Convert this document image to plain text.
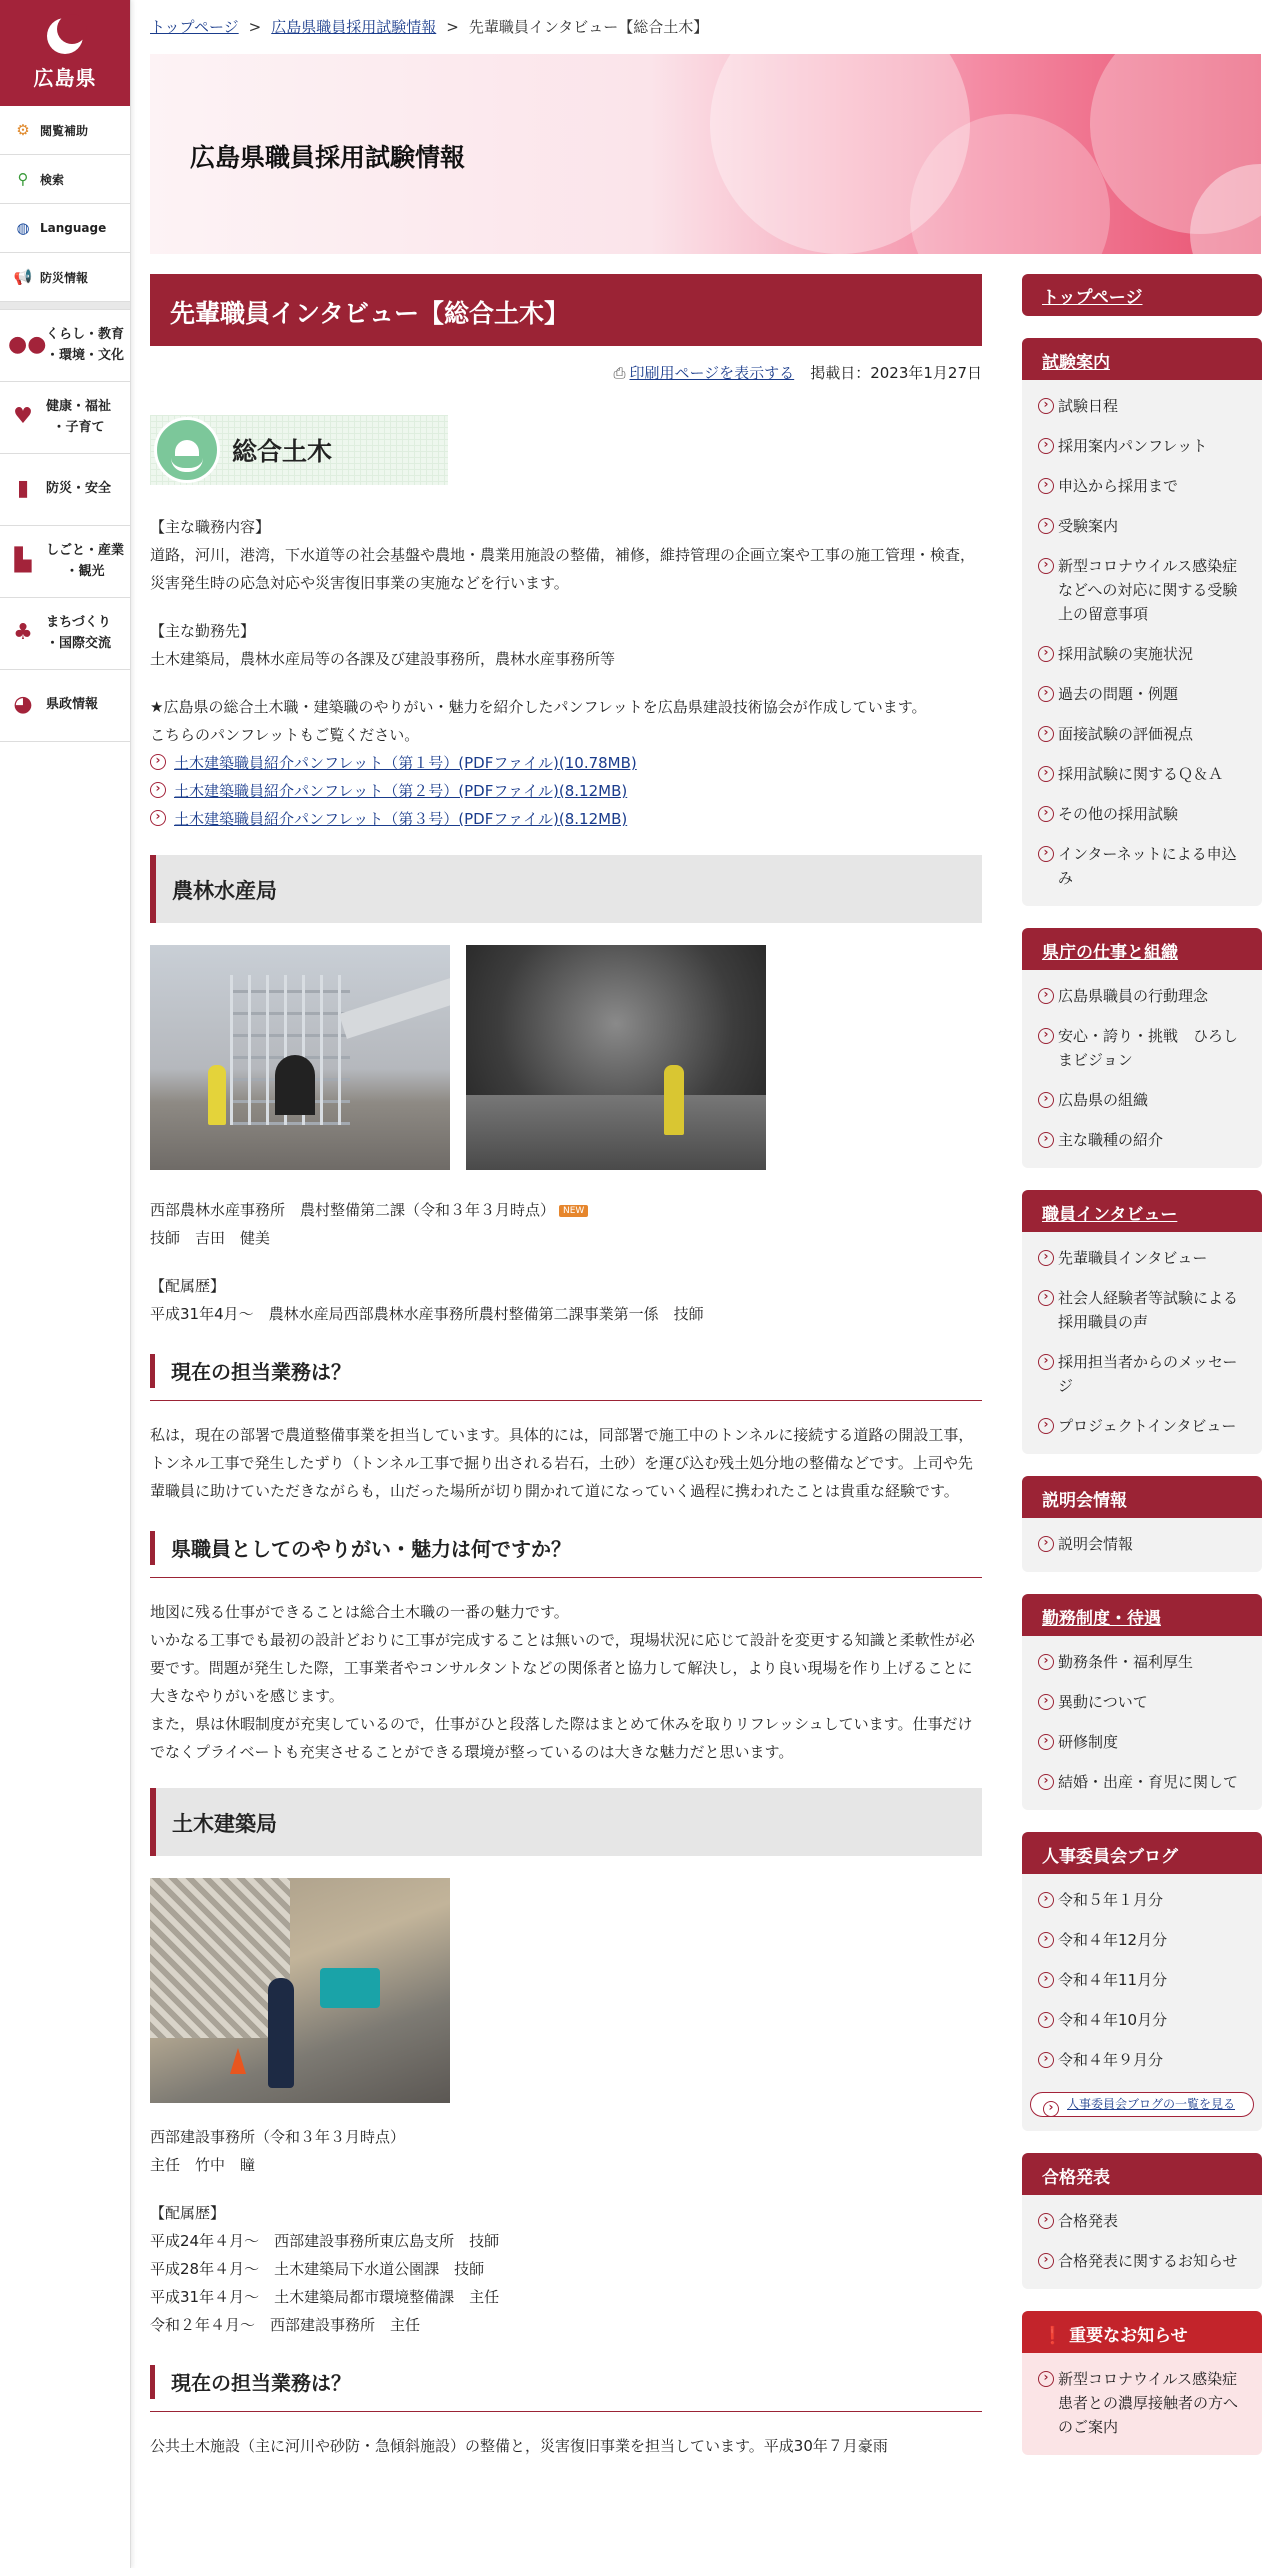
広島県
⚙ 閲覧補助
⚲ 検索
◍ Language
📢 防災情報
●● くらし・教育
・環境・文化
♥	健康・福祉
・子育て
▮	防災・安全
▙	しごと・産業
・観光
♣	まちづくり
・国際交流
◕	県政情報
トップページ > 広島県職員採用試験情報 > 先輩職員インタビュー【総合土木】
広島県職員採用試験情報
先輩職員インタビュー【総合土木】
⎙ 印刷用ページを表示する 掲載日：2023年1月27日
総合土木
【主な職務内容】
道路，河川，港湾，下水道等の社会基盤や農地・農業用施設の整備，補修，維持管理の企画立案や工事の施工管理・検査，災害発生時の応急対応や災害復旧事業の実施などを行います。
【主な勤務先】
土木建築局，農林水産局等の各課及び建設事務所，農林水産事務所等
★広島県の総合土木職・建築職のやりがい・魅力を紹介したパンフレットを広島県建設技術協会が作成しています。
こちらのパンフレットもご覧ください。
› 土木建築職員紹介パンフレット（第１号）(PDFファイル)(10.78MB)
› 土木建築職員紹介パンフレット（第２号）(PDFファイル)(8.12MB)
› 土木建築職員紹介パンフレット（第３号）(PDFファイル)(8.12MB)
農林水産局
西部農林水産事務所　農村整備第二課（令和３年３月時点） NEW
技師　吉田　健美
【配属歴】
平成31年4月～　農林水産局西部農林水産事務所農村整備第二課事業第一係　技師
現在の担当業務は？
私は，現在の部署で農道整備事業を担当しています。具体的には，同部署で施工中のトンネルに接続する道路の開設工事，トンネル工事で発生したずり（トンネル工事で掘り出される岩石，土砂）を運び込む残土処分地の整備などです。上司や先輩職員に助けていただきながらも，山だった場所が切り開かれて道になっていく過程に携われたことは貴重な経験です。
県職員としてのやりがい・魅力は何ですか？
地図に残る仕事ができることは総合土木職の一番の魅力です。
いかなる工事でも最初の設計どおりに工事が完成することは無いので，現場状況に応じて設計を変更する知識と柔軟性が必要です。問題が発生した際，工事業者やコンサルタントなどの関係者と協力して解決し，より良い現場を作り上げることに大きなやりがいを感じます。
また，県は休暇制度が充実しているので，仕事がひと段落した際はまとめて休みを取りリフレッシュしています。仕事だけでなくプライベートも充実させることができる環境が整っているのは大きな魅力だと思います。
土木建築局
西部建設事務所（令和３年３月時点）
主任　竹中　瞳
【配属歴】
平成24年４月～　西部建設事務所東広島支所　技師
平成28年４月～　土木建築局下水道公園課　技師
平成31年４月～　土木建築局都市環境整備課　主任
令和２年４月～　西部建設事務所　主任
現在の担当業務は？
公共土木施設（主に河川や砂防・急傾斜施設）の整備と，災害復旧事業を担当しています。平成30年７月豪雨
トップページ
試験案内
› 試験日程
› 採用案内パンフレット
› 申込から採用まで
› 受験案内
› 新型コロナウイルス感染症などへの対応に関する受験上の留意事項
› 採用試験の実施状況
› 過去の問題・例題
› 面接試験の評価視点
› 採用試験に関するＱ＆Ａ
› その他の採用試験
› インターネットによる申込み
県庁の仕事と組織
› 広島県職員の行動理念
› 安心・誇り・挑戦　ひろしまビジョン
› 広島県の組織
› 主な職種の紹介
職員インタビュー
› 先輩職員インタビュー
› 社会人経験者等試験による採用職員の声
› 採用担当者からのメッセージ
› プロジェクトインタビュー
説明会情報
› 説明会情報
勤務制度・待遇
› 勤務条件・福利厚生
› 異動について
› 研修制度
› 結婚・出産・育児に関して
人事委員会ブログ
› 令和５年１月分
› 令和４年12月分
› 令和４年11月分
› 令和４年10月分
› 令和４年９月分
› 人事委員会ブログの一覧を見る
合格発表
› 合格発表
› 合格発表に関するお知らせ
❗ 重要なお知らせ
› 新型コロナウイルス感染症患者との濃厚接触者の方へのご案内
